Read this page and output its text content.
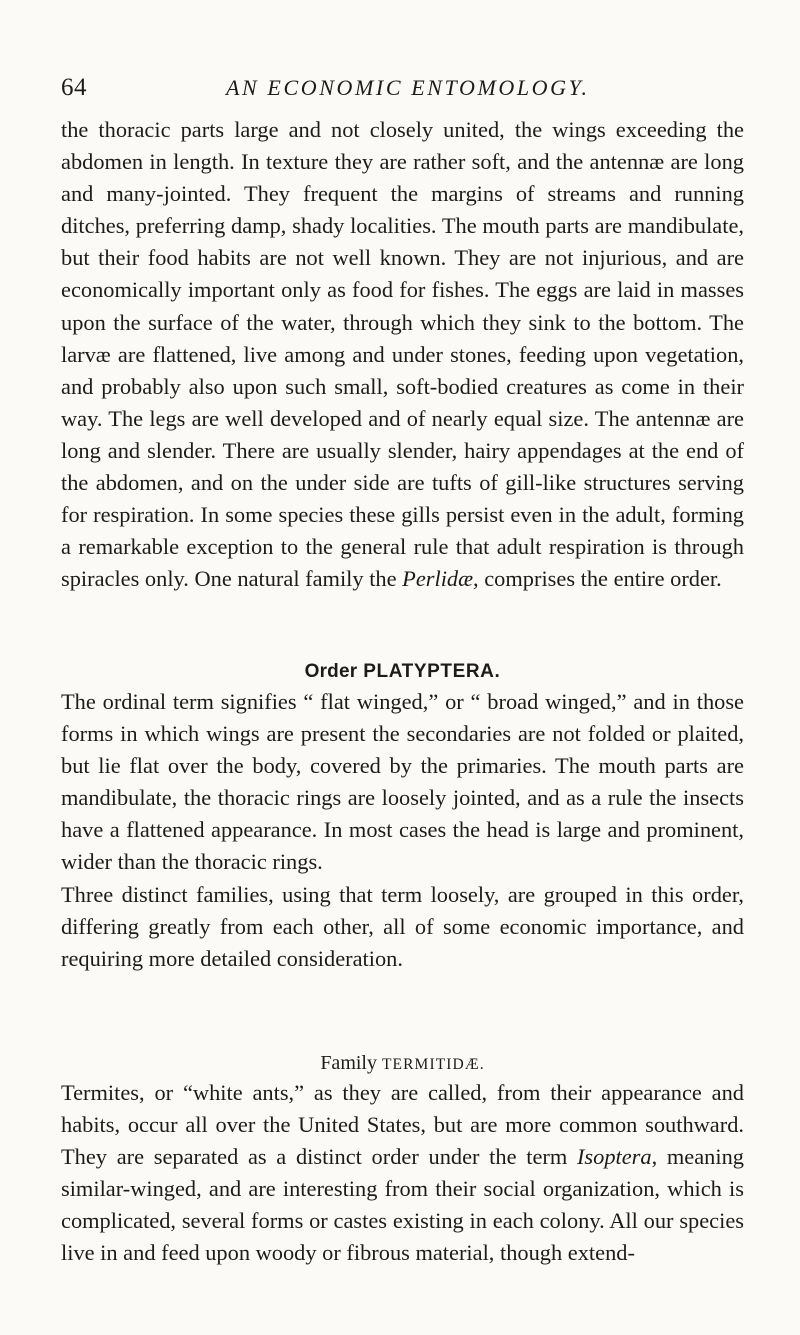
64	AN ECONOMIC ENTOMOLOGY.

the thoracic parts large and not closely united, the wings exceeding the abdomen in length. In texture they are rather soft, and the antennæ are long and many-jointed. They frequent the margins of streams and running ditches, preferring damp, shady localities. The mouth parts are mandibulate, but their food habits are not well known. They are not injurious, and are economically important only as food for fishes. The eggs are laid in masses upon the surface of the water, through which they sink to the bottom. The larvæ are flattened, live among and under stones, feeding upon vegetation, and probably also upon such small, soft-bodied creatures as come in their way. The legs are well developed and of nearly equal size. The antennæ are long and slender. There are usually slender, hairy appendages at the end of the abdomen, and on the under side are tufts of gill-like structures serving for respiration. In some species these gills persist even in the adult, forming a remarkable exception to the general rule that adult respiration is through spiracles only. One natural family the Perlidæ, comprises the entire order.

Order PLATYPTERA.

The ordinal term signifies “ flat winged,” or “ broad winged,” and in those forms in which wings are present the secondaries are not folded or plaited, but lie flat over the body, covered by the primaries. The mouth parts are mandibulate, the thoracic rings are loosely jointed, and as a rule the insects have a flattened appearance. In most cases the head is large and prominent, wider than the thoracic rings.

Three distinct families, using that term loosely, are grouped in this order, differing greatly from each other, all of some economic importance, and requiring more detailed consideration.

Family TERMITIDÆ.

Termites, or “white ants,” as they are called, from their appearance and habits, occur all over the United States, but are more common southward. They are separated as a distinct order under the term Isoptera, meaning similar-winged, and are interesting from their social organization, which is complicated, several forms or castes existing in each colony. All our species live in and feed upon woody or fibrous material, though extend-
